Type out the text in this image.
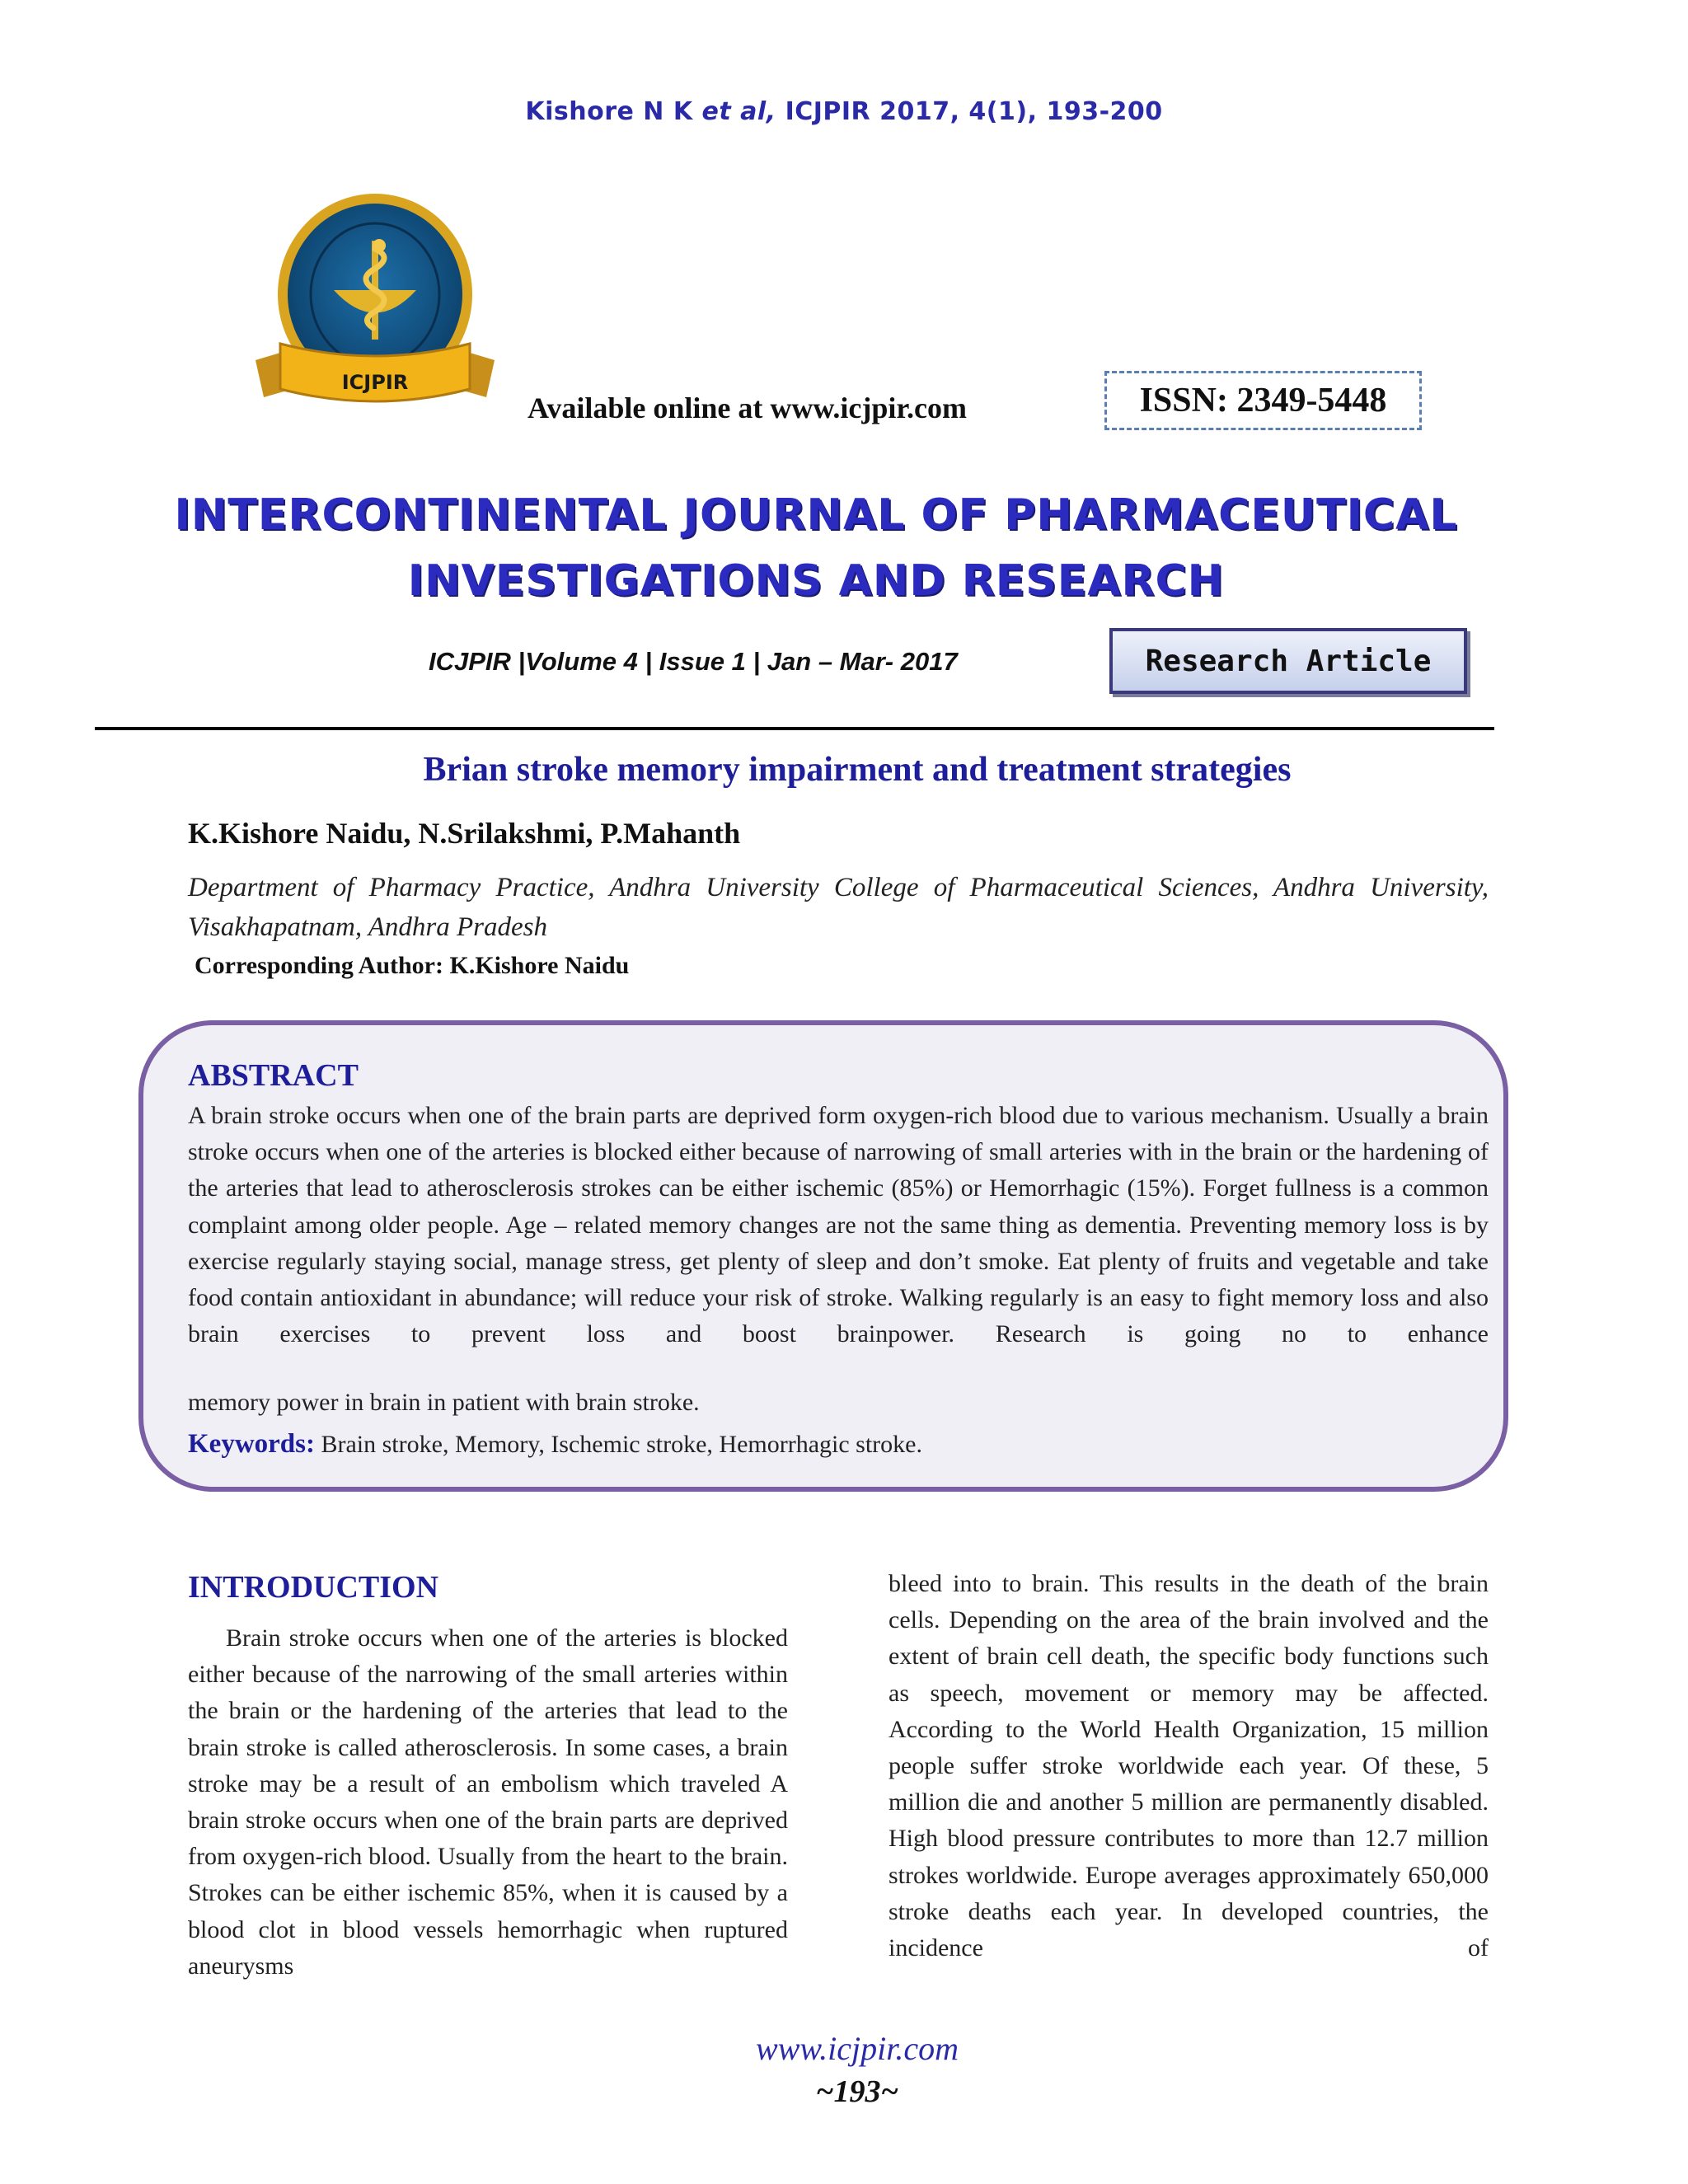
Kishore N K et al, ICJPIR 2017, 4(1), 193-200
ICJPIR
Available online at www.icjpir.com	ISSN: 2349-5448
INTERCONTINENTAL JOURNAL OF PHARMACEUTICAL
INVESTIGATIONS AND RESEARCH
ICJPIR |Volume 4 | Issue 1 | Jan – Mar- 2017	Research Article
Brian stroke memory impairment and treatment strategies
K.Kishore Naidu, N.Srilakshmi, P.Mahanth
Department of Pharmacy Practice, Andhra University College of Pharmaceutical Sciences, Andhra University, Visakhapatnam, Andhra Pradesh
Corresponding Author: K.Kishore Naidu
ABSTRACT
A brain stroke occurs when one of the brain parts are deprived form oxygen-rich blood due to various mechanism. Usually a brain stroke occurs when one of the arteries is blocked either because of narrowing of small arteries with in the brain or the hardening of the arteries that lead to atherosclerosis strokes can be either ischemic (85%) or Hemorrhagic (15%). Forget fullness is a common complaint among older people. Age – related memory changes are not the same thing as dementia. Preventing memory loss is by exercise regularly staying social, manage stress, get plenty of sleep and don’t smoke. Eat plenty of fruits and vegetable and take food contain antioxidant in abundance; will reduce your risk of stroke. Walking regularly is an easy to fight memory loss and also brain exercises to prevent loss and boost brainpower. Research is going no to enhance
memory power in brain in patient with brain stroke.
Keywords: Brain stroke, Memory, Ischemic stroke, Hemorrhagic stroke.
INTRODUCTION

Brain stroke occurs when one of the arteries is blocked either because of the narrowing of the small arteries within the brain or the hardening of the arteries that lead to the brain stroke is called atherosclerosis. In some cases, a brain stroke may be a result of an embolism which traveled A brain stroke occurs when one of the brain parts are deprived from oxygen-rich blood. Usually from the heart to the brain. Strokes can be either ischemic 85%, when it is caused by a blood clot in blood vessels hemorrhagic when ruptured aneurysms

bleed into to brain. This results in the death of the brain cells. Depending on the area of the brain involved and the extent of brain cell death, the specific body functions such as speech, movement or memory may be affected. According to the World Health Organization, 15 million people suffer stroke worldwide each year. Of these, 5 million die and another 5 million are permanently disabled. High blood pressure contributes to more than 12.7 million strokes worldwide. Europe averages approximately 650,000 stroke deaths each year. In developed countries, the incidence of

www.icjpir.com
~193~
